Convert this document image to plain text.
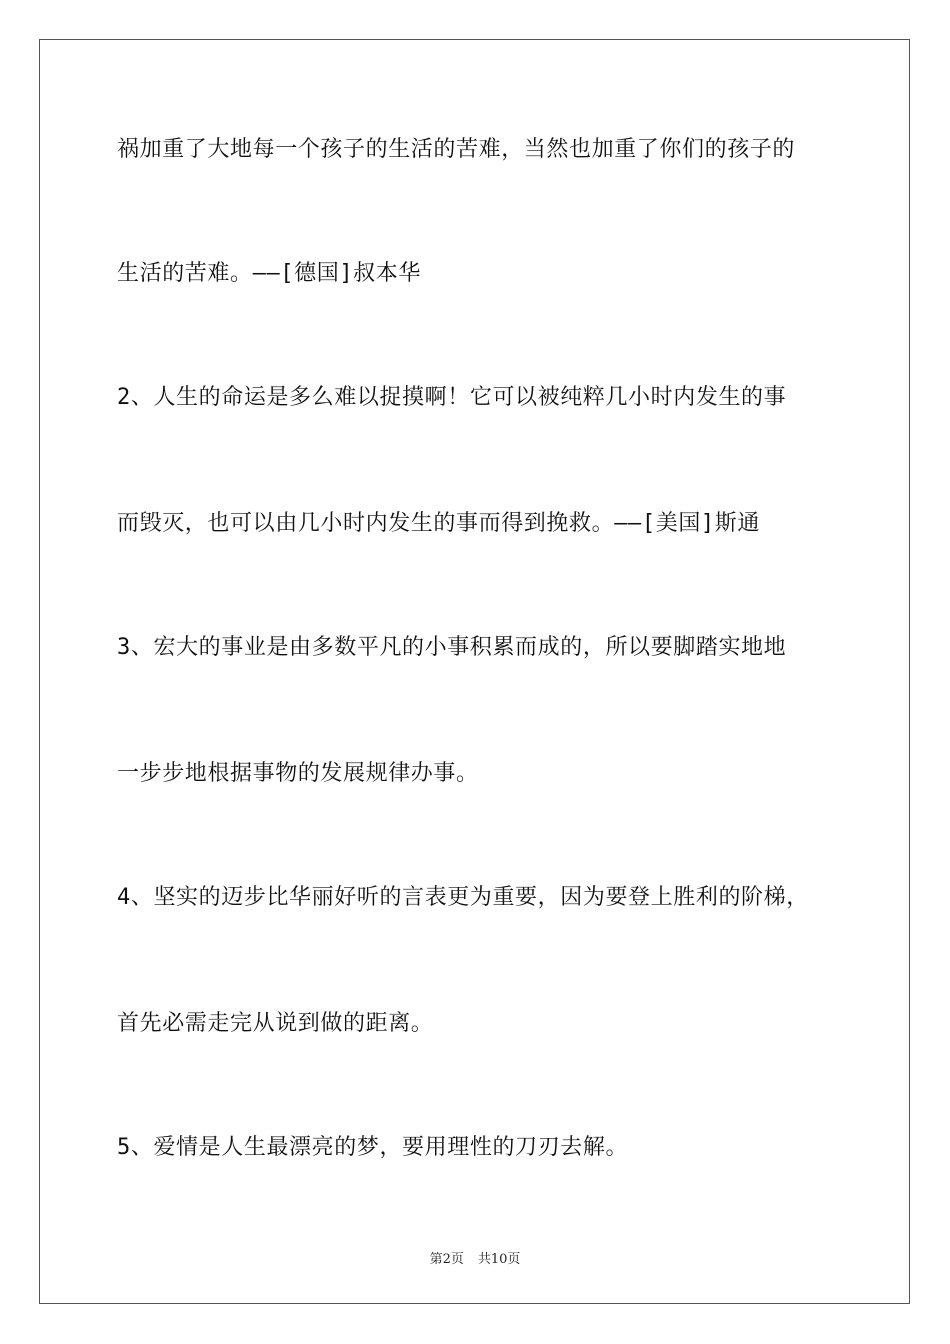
祸加重了大地每一个孩子的生活的苦难，当然也加重了你们的孩子的
生活的苦难。——[德国]叔本华
2、人生的命运是多么难以捉摸啊！它可以被纯粹几小时内发生的事
而毁灭，也可以由几小时内发生的事而得到挽救。——[美国]斯通
3、宏大的事业是由多数平凡的小事积累而成的，所以要脚踏实地地
一步步地根据事物的发展规律办事。
4、坚实的迈步比华丽好听的言表更为重要，因为要登上胜利的阶梯，
首先必需走完从说到做的距离。
5、爱情是人生最漂亮的梦，要用理性的刀刃去解。
第2页 共10页
